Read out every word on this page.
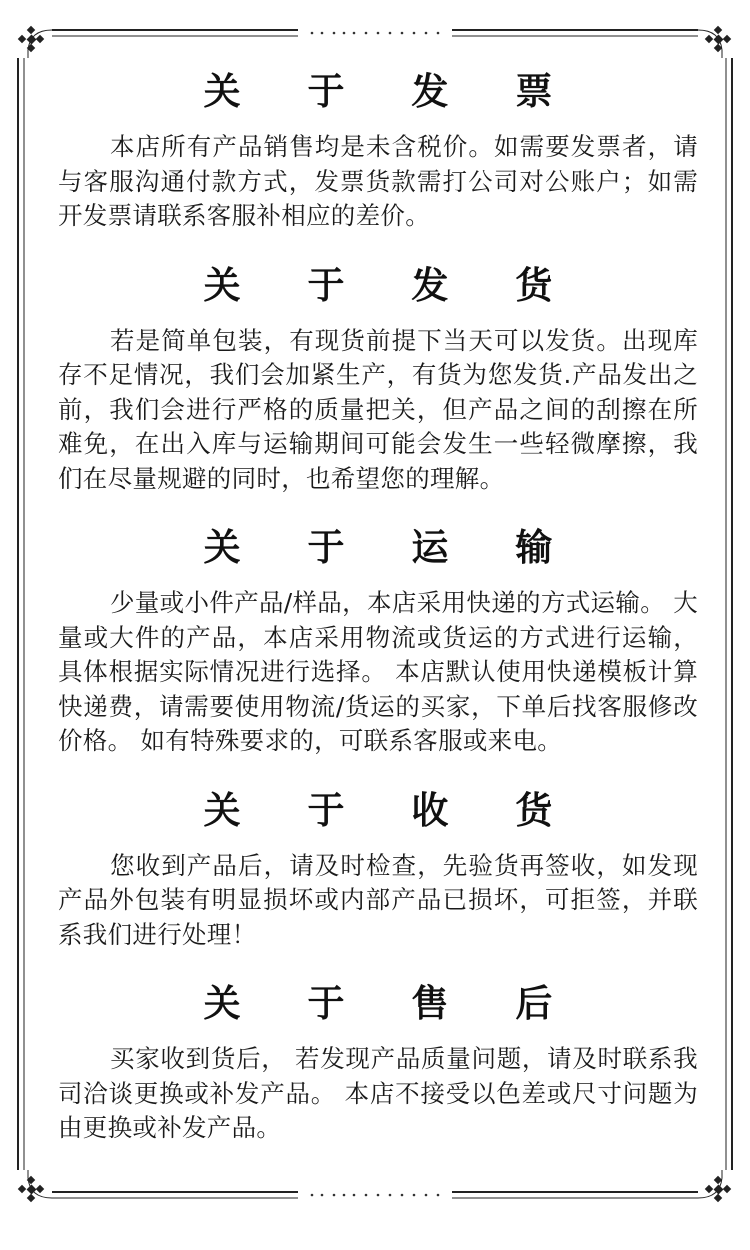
关 于 发 票

本店所有产品销售均是未含税价。如需要发票者，请与客服沟通付款方式，发票货款需打公司对公账户；如需开发票请联系客服补相应的差价。

关 于 发 货

若是简单包装，有现货前提下当天可以发货。出现库存不足情况，我们会加紧生产，有货为您发货.产品发出之前，我们会进行严格的质量把关，但产品之间的刮擦在所难免，在出入库与运输期间可能会发生一些轻微摩擦，我们在尽量规避的同时，也希望您的理解。

关 于 运 输

少量或小件产品/样品，本店采用快递的方式运输。 大量或大件的产品，本店采用物流或货运的方式进行运输，具体根据实际情况进行选择。 本店默认使用快递模板计算快递费，请需要使用物流/货运的买家，下单后找客服修改价格。 如有特殊要求的，可联系客服或来电。

关 于 收 货

您收到产品后，请及时检查，先验货再签收，如发现产品外包装有明显损坏或内部产品已损坏，可拒签，并联系我们进行处理！

关 于 售 后

买家收到货后， 若发现产品质量问题，请及时联系我司洽谈更换或补发产品。 本店不接受以色差或尺寸问题为由更换或补发产品。
